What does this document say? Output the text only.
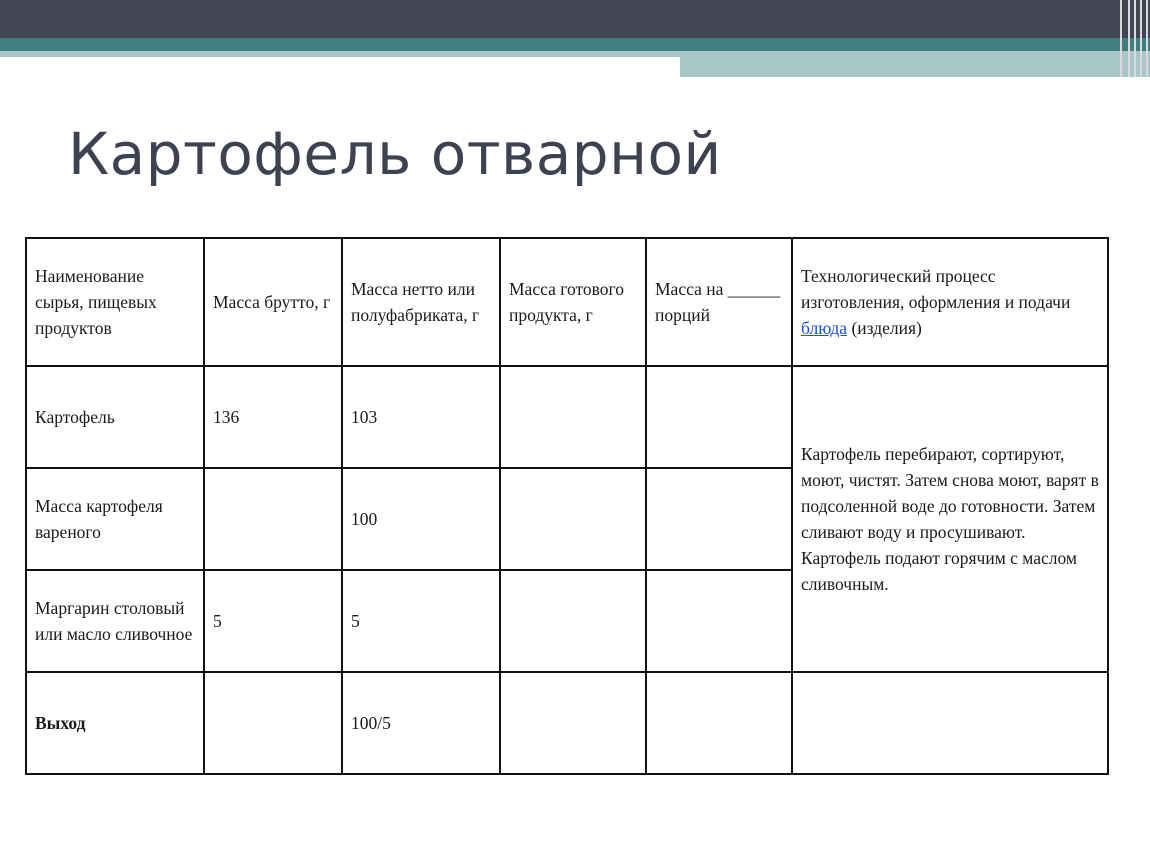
Картофель отварной
Наименование сырья, пищевых продуктов	Масса брутто, г	Масса нетто или полуфабриката, г	Масса готового продукта, г	Масса на ______ порций	Технологический процесс изготовления, оформления и подачи блюда (изделия)
Картофель	136	103			Картофель перебирают, сортируют, моют, чистят. Затем снова моют, варят в подсоленной воде до готовности. Затем сливают воду и просушивают. Картофель подают горячим с маслом сливочным.
Масса картофеля вареного		100			
Маргарин столовый или масло сливочное	5	5			
Выход		100/5			
